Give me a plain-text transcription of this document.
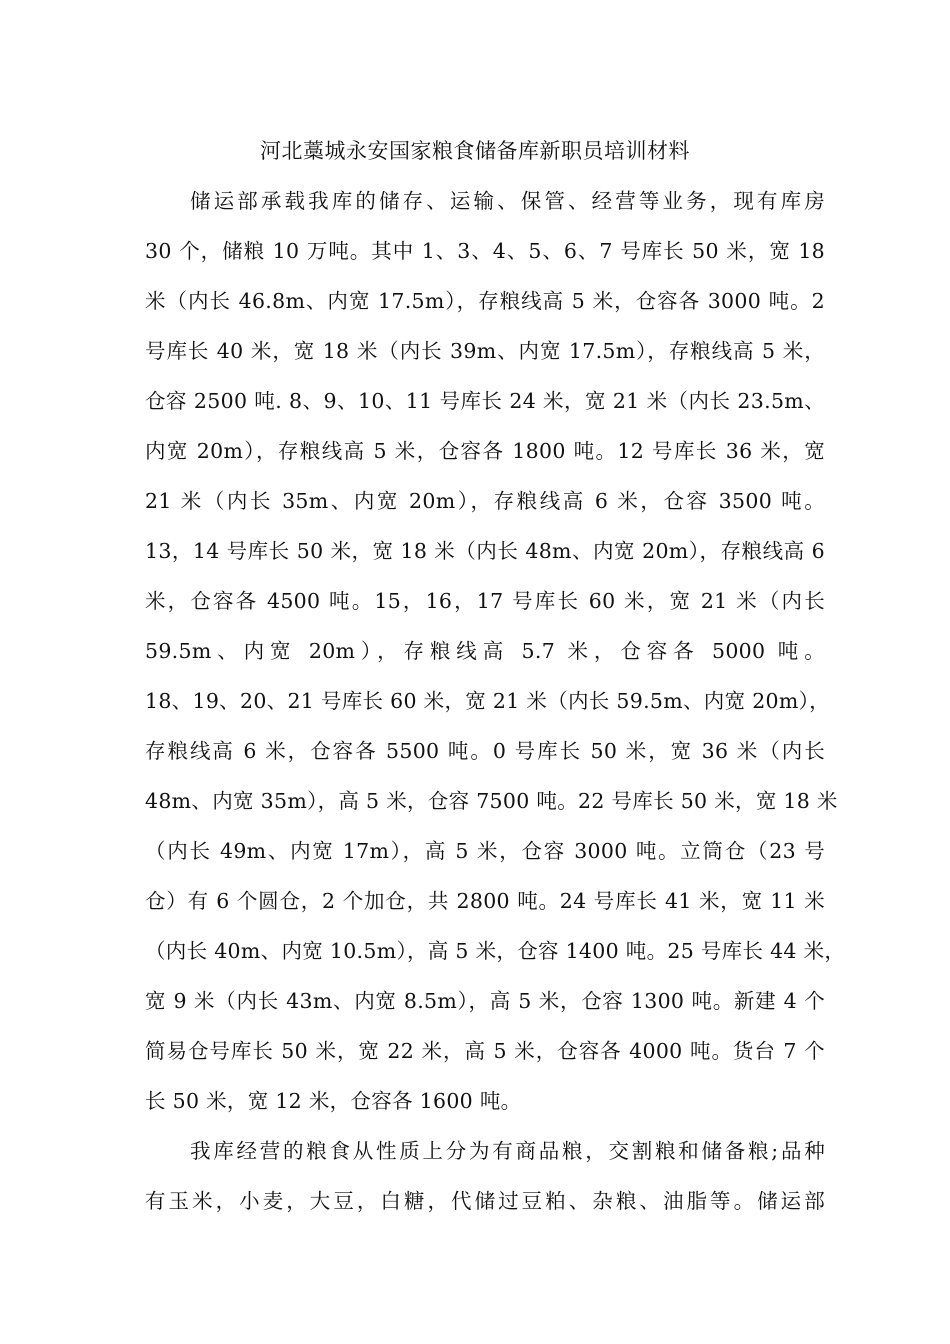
河北藁城永安国家粮食储备库新职员培训材料
储运部承载我库的储存、运输、保管、经营等业务，现有库房
30 个，储粮 10 万吨。其中 1、3、4、5、6、7 号库长 50 米，宽 18
米（内长 46.8m、内宽 17.5m），存粮线高 5 米，仓容各 3000 吨。2
号库长 40 米，宽 18 米（内长 39m、内宽 17.5m），存粮线高 5 米，
仓容 2500 吨. 8、9、10、11 号库长 24 米，宽 21 米（内长 23.5m、
内宽 20m），存粮线高 5 米，仓容各 1800 吨。12 号库长 36 米，宽
21 米（内长 35m、内宽 20m），存粮线高 6 米，仓容 3500 吨。
13，14 号库长 50 米，宽 18 米（内长 48m、内宽 20m），存粮线高 6
米，仓容各 4500 吨。15，16，17 号库长 60 米，宽 21 米（内长
59.5m、内宽 20m），存粮线高 5.7 米，仓容各 5000 吨。
18、19、20、21 号库长 60 米，宽 21 米（内长 59.5m、内宽 20m），
存粮线高 6 米，仓容各 5500 吨。0 号库长 50 米，宽 36 米（内长
48m、内宽 35m），高 5 米，仓容 7500 吨。22 号库长 50 米，宽 18 米
（内长 49m、内宽 17m），高 5 米，仓容 3000 吨。立筒仓（23 号
仓）有 6 个圆仓，2 个加仓，共 2800 吨。24 号库长 41 米，宽 11 米
（内长 40m、内宽 10.5m），高 5 米，仓容 1400 吨。25 号库长 44 米，
宽 9 米（内长 43m、内宽 8.5m），高 5 米，仓容 1300 吨。新建 4 个
简易仓号库长 50 米，宽 22 米，高 5 米，仓容各 4000 吨。货台 7 个
长 50 米，宽 12 米，仓容各 1600 吨。
我库经营的粮食从性质上分为有商品粮，交割粮和储备粮;品种
有玉米，小麦，大豆，白糖，代储过豆粕、杂粮、油脂等。储运部
